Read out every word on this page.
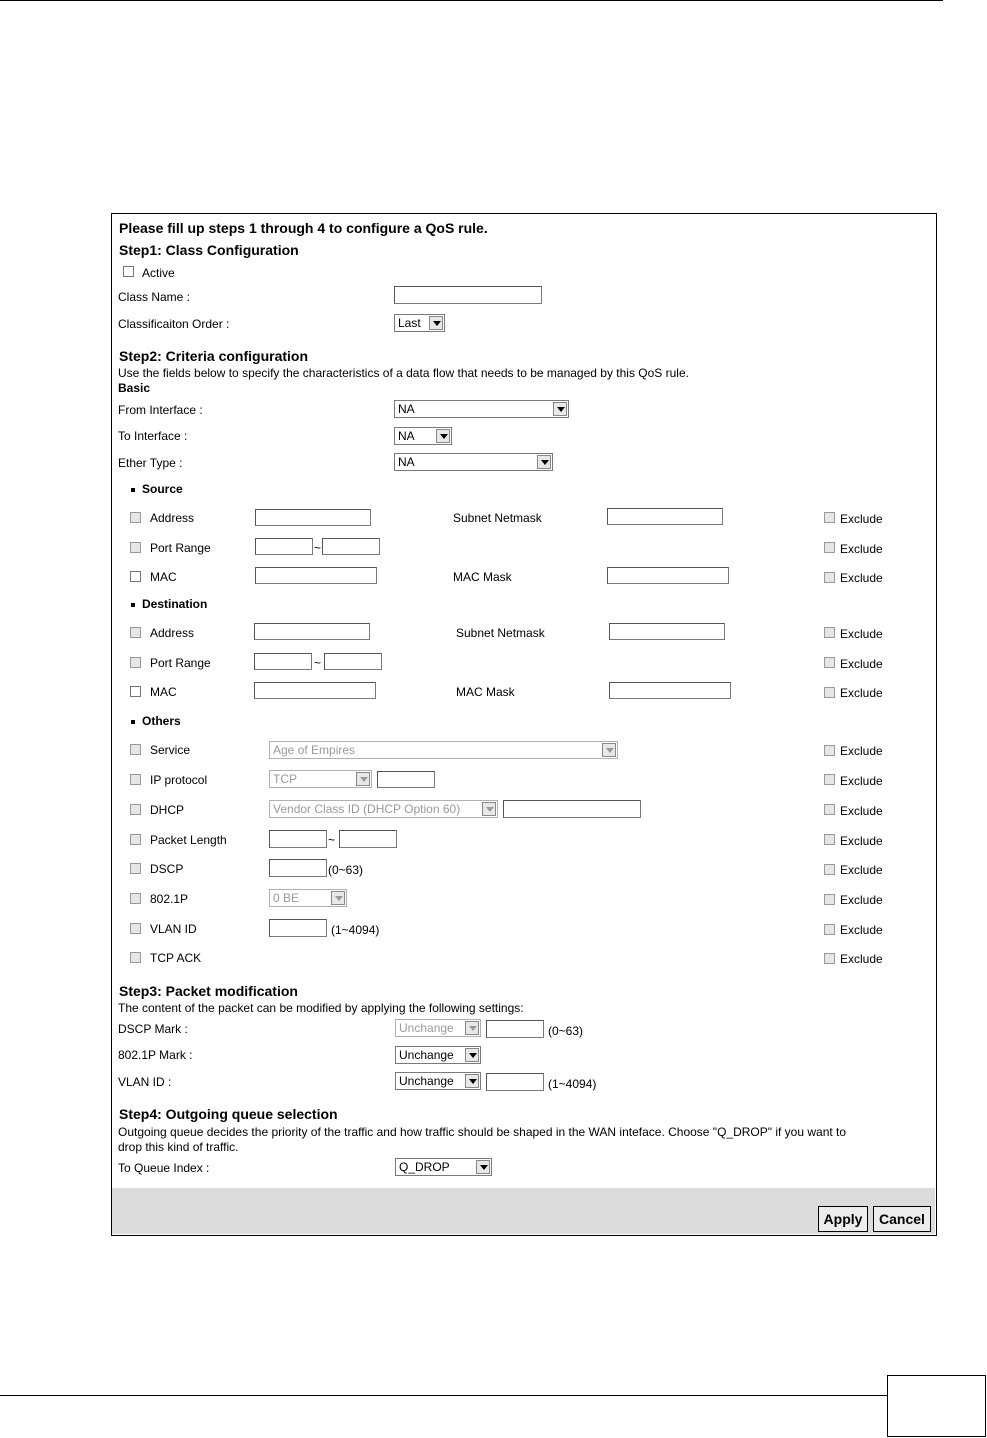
Please fill up steps 1 through 4 to configure a QoS rule.
Step1: Class Configuration
Active
Class Name :
Classificaiton Order :	Last
Step2: Criteria configuration
Use the fields below to specify the characteristics of a data flow that needs to be managed by this QoS rule.
Basic
From Interface :	NA
To Interface :	NA
Ether Type :	NA
Source
Address	Subnet Netmask	Exclude
Port Range	~	Exclude
MAC	MAC Mask	Exclude
Destination
Address	Subnet Netmask	Exclude
Port Range	~	Exclude
MAC	MAC Mask	Exclude
Others
Service	Age of Empires	Exclude
IP protocol	TCP	Exclude
DHCP	Vendor Class ID (DHCP Option 60)	Exclude
Packet Length	~	Exclude
DSCP	(0~63)	Exclude
802.1P	0 BE	Exclude
VLAN ID	(1~4094)	Exclude
TCP ACK	Exclude
Step3: Packet modification
The content of the packet can be modified by applying the following settings:
DSCP Mark :	Unchange	(0~63)
802.1P Mark :	Unchange
VLAN ID :	Unchange	(1~4094)
Step4: Outgoing queue selection
Outgoing queue decides the priority of the traffic and how traffic should be shaped in the WAN inteface. Choose "Q_DROP" if you want to
drop this kind of traffic.
To Queue Index :	Q_DROP
Apply	Cancel
